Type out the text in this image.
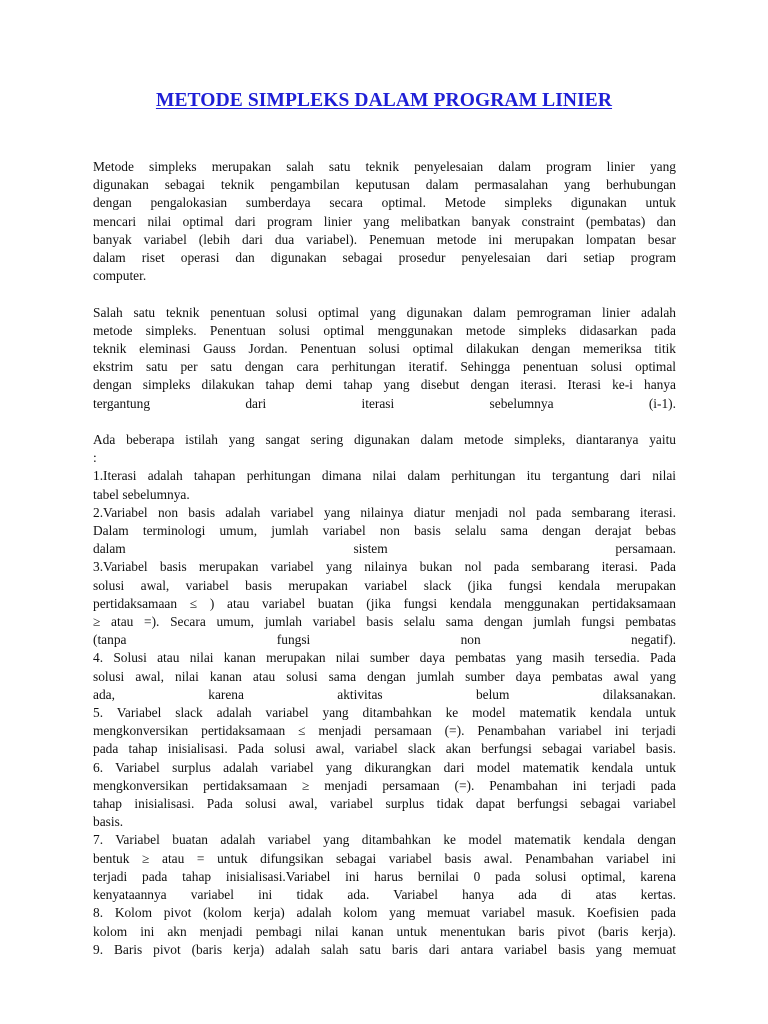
METODE SIMPLEKS DALAM PROGRAM LINIER
Metode simpleks merupakan salah satu teknik penyelesaian dalam program linier yang
digunakan sebagai teknik pengambilan keputusan dalam permasalahan yang berhubungan
dengan pengalokasian sumberdaya secara optimal. Metode simpleks digunakan untuk
mencari nilai optimal dari program linier yang melibatkan banyak constraint (pembatas) dan
banyak variabel (lebih dari dua variabel). Penemuan metode ini merupakan lompatan besar
dalam riset operasi dan digunakan sebagai prosedur penyelesaian dari setiap program
computer.
Salah satu teknik penentuan solusi optimal yang digunakan dalam pemrograman linier adalah
metode simpleks. Penentuan solusi optimal menggunakan metode simpleks didasarkan pada
teknik eleminasi Gauss Jordan. Penentuan solusi optimal dilakukan dengan memeriksa titik
ekstrim satu per satu dengan cara perhitungan iteratif. Sehingga penentuan solusi optimal
dengan simpleks dilakukan tahap demi tahap yang disebut dengan iterasi. Iterasi ke-i hanya
tergantung dari iterasi sebelumnya (i-1).
Ada beberapa istilah yang sangat sering digunakan dalam metode simpleks, diantaranya yaitu
:
1.Iterasi adalah tahapan perhitungan dimana nilai dalam perhitungan itu tergantung dari nilai
tabel sebelumnya.
2.Variabel non basis adalah variabel yang nilainya diatur menjadi nol pada sembarang iterasi.
Dalam terminologi umum, jumlah variabel non basis selalu sama dengan derajat bebas
dalam sistem persamaan.
3.Variabel basis merupakan variabel yang nilainya bukan nol pada sembarang iterasi. Pada
solusi awal, variabel basis merupakan variabel slack (jika fungsi kendala merupakan
pertidaksamaan ≤ ) atau variabel buatan (jika fungsi kendala menggunakan pertidaksamaan
≥ atau =). Secara umum, jumlah variabel basis selalu sama dengan jumlah fungsi pembatas
(tanpa fungsi non negatif).
4. Solusi atau nilai kanan merupakan nilai sumber daya pembatas yang masih tersedia. Pada
solusi awal, nilai kanan atau solusi sama dengan jumlah sumber daya pembatas awal yang
ada, karena aktivitas belum dilaksanakan.
5. Variabel slack adalah variabel yang ditambahkan ke model matematik kendala untuk
mengkonversikan pertidaksamaan ≤ menjadi persamaan (=). Penambahan variabel ini terjadi
pada tahap inisialisasi. Pada solusi awal, variabel slack akan berfungsi sebagai variabel basis.
6. Variabel surplus adalah variabel yang dikurangkan dari model matematik kendala untuk
mengkonversikan pertidaksamaan ≥ menjadi persamaan (=). Penambahan ini terjadi pada
tahap inisialisasi. Pada solusi awal, variabel surplus tidak dapat berfungsi sebagai variabel
basis.
7. Variabel buatan adalah variabel yang ditambahkan ke model matematik kendala dengan
bentuk ≥ atau = untuk difungsikan sebagai variabel basis awal. Penambahan variabel ini
terjadi pada tahap inisialisasi.Variabel ini harus bernilai 0 pada solusi optimal, karena
kenyataannya variabel ini tidak ada. Variabel hanya ada di atas kertas.
8. Kolom pivot (kolom kerja) adalah kolom yang memuat variabel masuk. Koefisien pada
kolom ini akn menjadi pembagi nilai kanan untuk menentukan baris pivot (baris kerja).
9. Baris pivot (baris kerja) adalah salah satu baris dari antara variabel basis yang memuat
